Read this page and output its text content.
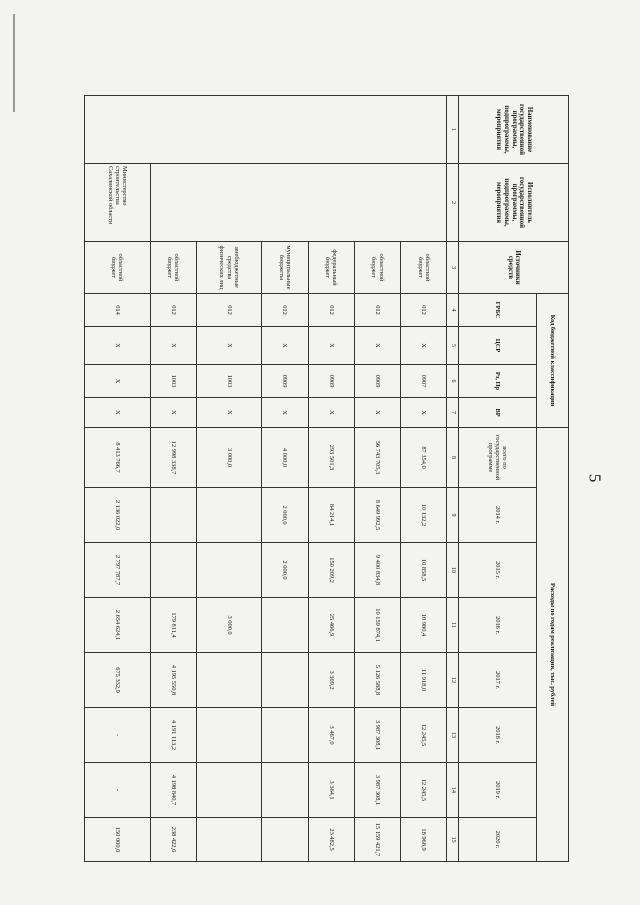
5
Наименование государственной программы, подпрограммы, мероприятия	Исполнитель государственной программы, подпрограммы, мероприятия	Источники средств	Код бюджетной классификации				Расходы по годам реализации, тыс. рублей							
			ГРБС	ЦСР	Рз, Пр	ВР	всего по государственной программе	2014 г.	2015 г.	2016 г.	2017 г.	2018 г.	2019 г.	2020 г.
1	2	3	4	5	6	7	8	9	10	11	12	13	14	15
		областной бюджет	012	Х	0907	Х	87 354,0	10 132,2	10 858,5	10 980,4	11 918,0	12 245,5	12 245,5	18 968,9
		областной бюджет	012	Х	0909	Х	56 743 705,3	8 649 992,5	9 400 834,8	10 159 874,1	5 126 588,8	3 987 308,1	3 987 308,1	15 159 421,7
		федеральный бюджет	012	Х	0909	Х	293 501,3	84 214,1	150 209,2	25 466,9	3 309,2	3 467,0	3 364,1	23 482,5
		муниципальные бюджеты	012	Х	0909	Х	4 000,0	2 000,0	2 000,0					
		внебюджетные средства физических лиц	012	Х	1003	Х	3 000,0			3 000,0				
		областной бюджет	012	Х	1003	Х	12 998 338,7			179 811,4	4 195 550,8	4 191 113,2	4 198 840,7	238 422,6
	Министерство строительства Сахалинской области	областной бюджет	014	Х	Х	Х	8 413 766,7	2 136 022,0	2 797 787,7	2 654 624,1	675 332,9	-	-	150 000,0
